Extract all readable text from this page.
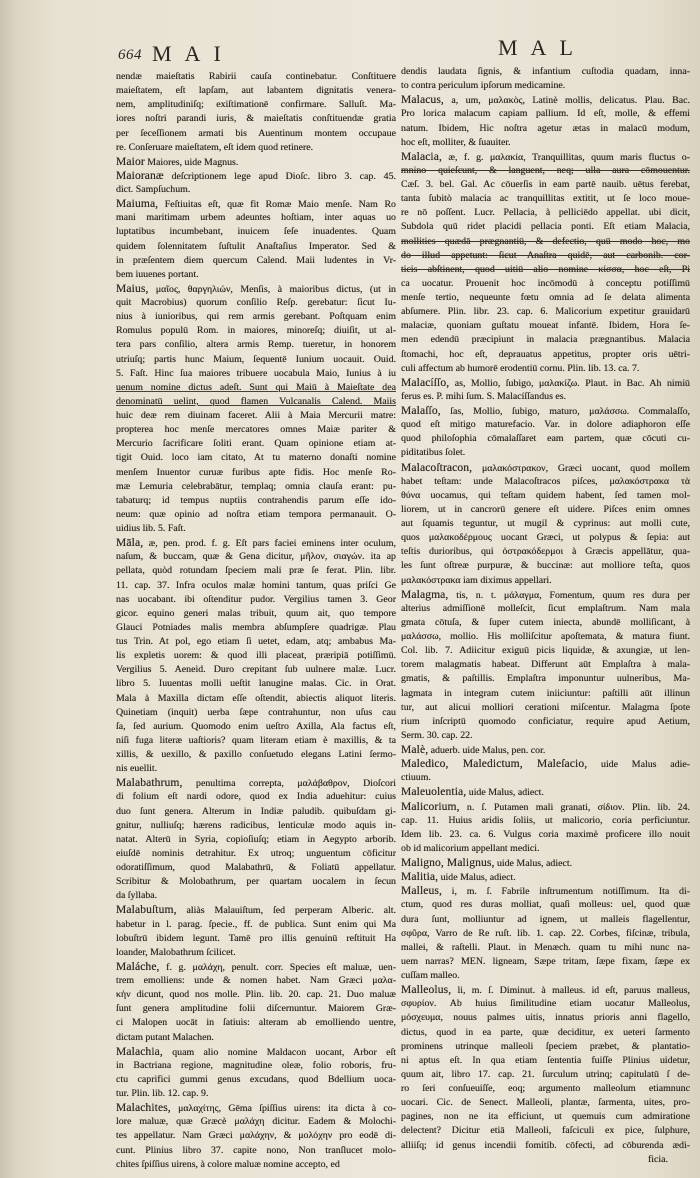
664 MAI	MAL
nendæ maieſtatis Rabirii cauſa continebatur. Conſtituere
maieſtatem, eſt lapſam, aut labantem dignitatis venera-
nem, amplitudiniſq; exiſtimationē confirmare. Salluſt. Ma-
iores noſtri parandi iuris, & maieſtatis conſtituendæ gratia
per ſeceſſionem armati bis Auentinum montem occupaue
re. Conſeruare maieſtatem, eſt idem quod retinere.
Maior Maiores, uide Magnus.
Maioranæ deſcriptionem lege apud Dioſc. libro 3. cap. 45.
dict. Sampſuchum.
Maiuma, Feſtiuitas eſt, quæ fit Romæ Maio menſe. Nam Ro
mani maritimam urbem adeuntes hoſtiam, inter aquas uo
luptatibus incumbebant, inuicem ſeſe inuadentes. Quam
quidem ſolennitatem ſuſtulit Anaſtaſius Imperator. Sed &
in præſentem diem quercum Calend. Maii ludentes in Vr-
bem iuuenes portant.
Maius, μαῖος, θαργηλιών, Menſis, à maioribus dictus, (ut in
quit Macrobius) quorum conſilio Reſp. gerebatur: ſicut Iu-
nius à iunioribus, qui rem armis gerebant. Poſtquam enim
Romulus populū Rom. in maiores, minoreſq; diuiſit, ut al-
tera pars conſilio, altera armis Remp. tueretur, in honorem
utriuſq; partis hunc Maium, ſequentē Iunium uocauit. Ouid.
5. Faſt. Hinc ſua maiores tribuere uocabula Maio, Iunius à iu
uenum nomine dictus adeſt. Sunt qui Maiū à Maieſtate dea
denominatū uelint, quod flamen Vulcanalis Calend. Maiis
huic deæ rem diuinam faceret. Alii à Maia Mercurii matre:
propterea hoc menſe mercatores omnes Maiæ pariter &
Mercurio ſacrificare ſoliti erant. Quam opinione etiam at-
tigit Ouid. loco iam citato, At tu materno donaſti nomine
menſem Inuentor curuæ furibus apte fidis. Hoc menſe Ro-
mæ Lemuria celebrabātur, templaq; omnia clauſa erant: pu-
tabaturq; id tempus nuptiis contrahendis parum eſſe ido-
neum: quæ opinio ad noſtra etiam tempora permanauit. O-
uidius lib. 5. Faſt.
Māla, æ, pen. prod. f. g. Eſt pars faciei eminens inter oculum,
naſum, & buccam, quæ & Gena dicitur, μῆλον, σιαγών. ita ap
pellata, quòd rotundam ſpeciem mali præ ſe ferat. Plin. libr.
11. cap. 37. Infra oculos malæ homini tantum, quas priſci Ge
nas uocabant. ibi oſtenditur pudor. Vergilius tamen 3. Geor
gicor. equino generi malas tribuit, quum ait, quo tempore
Glauci Potniades malis membra abſumpſere quadrigæ. Plau
tus Trin. At pol, ego etiam ſi uetet, edam, atq; ambabus Ma-
lis expletis uorem: & quod illi placeat, præripiā potiſſimū.
Vergilius 5. Aeneid. Duro crepitant ſub uulnere malæ. Lucr.
libro 5. Iuuentas molli ueſtit lanugine malas. Cic. in Orat.
Mala à Maxilla dictam eſſe oſtendit, abiectis aliquot literis.
Quinetiam (inquit) uerba ſæpe contrahuntur, non uſus cau
ſa, ſed aurium. Quomodo enim ueſtro Axilla, Ala factus eſt,
niſi fuga literæ uaſtioris? quam literam etiam è maxillis, & ta
xillis, & uexillo, & paxillo conſuetudo elegans Latini ſermo-
nis euellit.
Malabathrum, penultima correpta, μαλάβαθρον, Dioſcori
di folium eſt nardi odore, quod ex India aduehitur: cuius
duo ſunt genera. Alterum in Indiæ paludib. quibuſdam gi-
gnitur, nulliuſq; hærens radicibus, lenticulæ modo aquis in-
natat. Alterū in Syria, copioſiuſq; etiam in Aegypto arborib.
eiuſdē nominis detrahitur. Ex utroq; unguentum cōficitur
odoratiſſimum, quod Malabathrū, & Foliatū appellatur.
Scribitur & Molobathrum, per quartam uocalem in ſecun
da ſyllaba.
Malabuſtum, aliàs Malauiſtum, ſed perperam Alberic. alt.
habetur in l. parag. ſpecie., ff. de publica. Sunt enim qui Ma
lobuſtrū ibidem legunt. Tamē pro illis genuinū reſtituit Ha
loander, Malobathrum ſcilicet.
Maláche, f. g. μαλάχη, penult. corr. Species eſt maluæ, uen-
trem emolliens: unde & nomen habet. Nam Græci μαλα-
κὴν dicunt, quod nos molle. Plin. lib. 20. cap. 21. Duo maluæ
ſunt genera amplitudine folii diſcernuntur. Maiorem Græ-
ci Malopen uocāt in ſatiuis: alteram ab emolliendo uentre,
dictam putant Malachen.
Malachia, quam alio nomine Maldacon uocant, Arbor eſt
in Bactriana regione, magnitudine oleæ, folio roboris, fru-
ctu caprifici gummi genus excudans, quod Bdellium uoca-
tur. Plin. lib. 12. cap. 9.
Malachites, μαλαχίτης, Gēma ſpiſſius uirens: ita dicta à co-
lore maluæ, quæ Græcè μαλάχη dicitur. Eadem & Molochi-
tes appellatur. Nam Græci μαλάχην, & μολόχην pro eodē di-
cunt. Plinius libro 37. capite nono, Non tranſlucet molo-
chites ſpiſſius uirens, à colore maluæ nomine accepto, ed
dendis laudata ſignis, & infantium cuſtodia quadam, inna-
to contra periculum ipſorum medicamine.
Malacus, a, um, μαλακὸς, Latinè mollis, delicatus. Plau. Bac.
Pro lorica malacum capiam pallium. Id eſt, molle, & effemi
natum. Ibidem, Hic noſtra agetur ætas in malacū modum,
hoc eſt, molliter, & ſuauiter.
Malacia, æ, f. g. μαλακία, Tranquillitas, quum maris fluctus o-
mnino quieſcunt, & languent, neq; ulla aura cōmouentur.
Cæſ. 3. bel. Gal. Ac cōuerſis in eam partē nauib. uētus ferebat,
tanta ſubitò malacia ac tranquillitas extitit, ut ſe loco moue-
re nō poſſent. Lucr. Pellacia, à pelliciēdo appellat. ubi dicit,
Subdola quū ridet placidi pellacia ponti. Eſt etiam Malacia,
mollities quædā prægnantiū, & defectio, quū modo hoc, mo
do illud appetunt: ſicut Anaſtra quidē, aut carbonib. cor-
ticis abſtinent, quod uitiū alio nomine κίσσα, hoc eſt, Pi
ca uocatur. Prouenit hoc incōmodū à conceptu potiſſimū
menſe tertio, nequeunte fœtu omnia ad ſe delata alimenta
abſumere. Plin. libr. 23. cap. 6. Malicorium expetitur grauidarū
malaciæ, quoniam guſtatu moueat infantē. Ibidem, Hora ſe-
men edendū præcipiunt in malacia prægnantibus. Malacia
ſtomachi, hoc eſt, deprauatus appetitus, propter oris uētri-
culi affectum ab humorē erodentiū cornu. Plin. lib. 13. ca. 7.
Malacíſſo, as, Mollio, ſubigo, μαλακίζω. Plaut. in Bac. Ah nimiū
ferus es. P. mihi ſum. S. Malacíſſandus es.
Malaſſo, ſas, Mollio, ſubigo, maturo, μαλάσσω. Commalaſſo,
quod eſt mitigo maturefacio. Var. in dolore adiaphoron eſſe
quod philoſophia cōmalaſſaret eam partem, quæ cōcuti cu-
piditatibus ſolet.
Malacoſtracon, μαλακόστρακον, Græci uocant, quod mollem
habet teſtam: unde Malacoſtracos piſces, μαλακόστρακα τὰ
θύνα uocamus, qui teſtam quidem habent, ſed tamen mol-
liorem, ut in cancrorū genere eſt uidere. Piſces enim omnes
aut ſquamis teguntur, ut mugil & cyprinus: aut molli cute,
quos μαλακοδέρμους uocant Græci, ut polypus & ſepia: aut
teſtis durioribus, qui ὀστρακόδερμοι à Græcis appellātur, qua-
les ſunt oſtreæ purpuræ, & buccinæ: aut molliore teſta, quos
μαλακόστρακα iam diximus appellari.
Malagma, tis, n. t. μάλαγμα, Fomentum, quum res dura per
alterius admiſſionē molleſcit, ſicut emplaſtrum. Nam mala
gmata cōtuſa, & ſuper cutem iniecta, abundē molliſicant, à
μαλάσσω, mollio. His molliſcitur apoſtemata, & matura fiunt.
Col. lib. 7. Adiicitur exiguū picis liquidæ, & axungiæ, ut len-
torem malagmatis habeat. Differunt aūt Emplaſtra à mala-
gmatis, & paſtillis. Emplaſtra imponuntur uulneribus, Ma-
lagmata in integram cutem iniiciuntur: paſtilli aūt illinun
tur, aut alicui molliori cerationi miſcentur. Malagma ſpote
rium inſcriptū quomodo conficiatur, require apud Aetium,
Serm. 30. cap. 22.
Malè, aduerb. uide Malus, pen. cor.
Maledico, Maledictum, Maleſacio, uide Malus adie-
ctiuum.
Maleuolentia, uide Malus, adiect.
Malicorium, n. ſ. Putamen mali granati, σίδιον. Plin. lib. 24.
cap. 11. Huius aridis ſoliis, ut malicorio, coria perficiuntur.
Idem lib. 23. ca. 6. Vulgus coria maximè proficere illo nouit
ob id malicorium appellant medici.
Maligno, Malignus, uide Malus, adiect.
Malitia, uide Malus, adiect.
Malleus, i, m. ſ. Fabrile inſtrumentum notiſſimum. Ita di-
ctum, quod res duras molliat, quaſi molleus: uel, quod quæ
dura ſunt, molliuntur ad ignem, ut malleis flagellentur,
σφῦρα, Varro de Re ruſt. lib. 1. cap. 22. Corbes, fiſcinæ, tribula,
mallei, & raſtelli. Plaut. in Menæch. quam tu mihi nunc na-
uem narras? MEN. ligneam, Sæpe tritam, ſæpe fixam, ſæpe ex
cuſſam malleo.
Malleolus, li, m. ſ. Diminut. à malleus. id eſt, paruus malleus,
σφυρίον. Ab huius ſimilitudine etiam uocatur Malleolus,
μόσχευμα, nouus palmes uitis, innatus prioris anni flagello,
dictus, quod in ea parte, quæ deciditur, ex ueteri ſarmento
prominens utrinque malleoli ſpeciem præbet, & plantatio-
ni aptus eſt. In qua etiam ſententia fuiſſe Plinius uidetur,
quum ait, libro 17. cap. 21. ſurculum utrinq; capitulatū ſ de-
ro ſeri conſueuiſſe, eoq; argumento malleolum etiamnunc
uocari. Cic. de Senect. Malleoli, plantæ, ſarmenta, uites, pro-
pagines, non ne ita efficiunt, ut quemuis cum admiratione
delectent? Dicitur etiā Malleoli, faſciculi ex pice, ſulphure,
alliiſq; id genus incendii fomitib. cōfecti, ad cōburenda ædi-
ficia.
